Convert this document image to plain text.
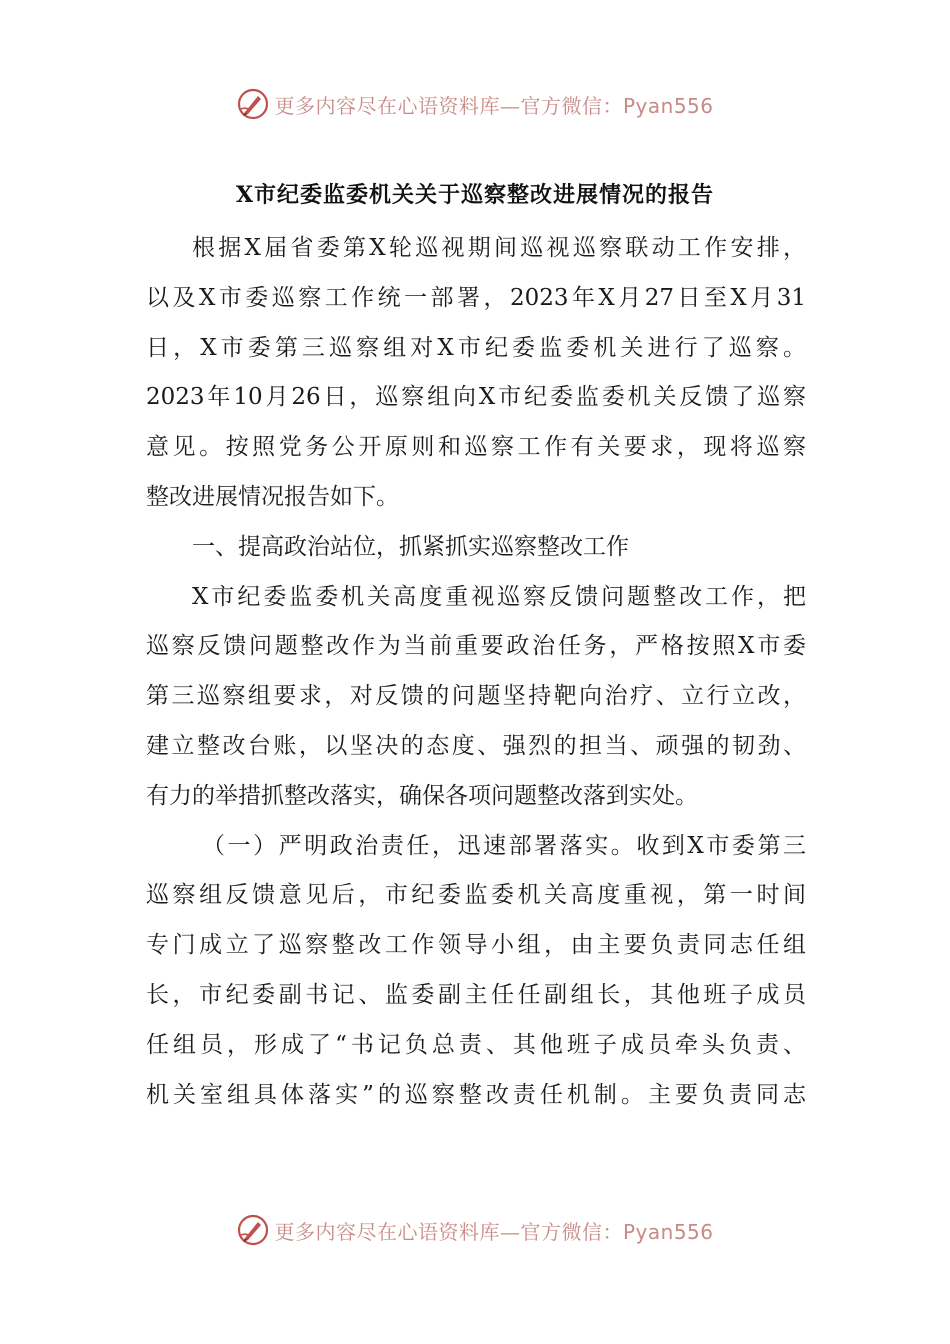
更多内容尽在心语资料库—官方微信：Pyan556
X市纪委监委机关关于巡察整改进展情况的报告
根据X届省委第X轮巡视期间巡视巡察联动工作安排，
以及X市委巡察工作统一部署，2023年X月27日至X月31
日，X市委第三巡察组对X市纪委监委机关进行了巡察。
2023年10月26日，巡察组向X市纪委监委机关反馈了巡察
意见。按照党务公开原则和巡察工作有关要求，现将巡察
整改进展情况报告如下。
一、提高政治站位，抓紧抓实巡察整改工作
X市纪委监委机关高度重视巡察反馈问题整改工作，把
巡察反馈问题整改作为当前重要政治任务，严格按照X市委
第三巡察组要求，对反馈的问题坚持靶向治疗、立行立改，
建立整改台账，以坚决的态度、强烈的担当、顽强的韧劲、
有力的举措抓整改落实，确保各项问题整改落到实处。
（一）严明政治责任，迅速部署落实。收到X市委第三
巡察组反馈意见后，市纪委监委机关高度重视，第一时间
专门成立了巡察整改工作领导小组，由主要负责同志任组
长，市纪委副书记、监委副主任任副组长，其他班子成员
任组员，形成了“书记负总责、其他班子成员牵头负责、
机关室组具体落实”的巡察整改责任机制。主要负责同志
更多内容尽在心语资料库—官方微信：Pyan556
